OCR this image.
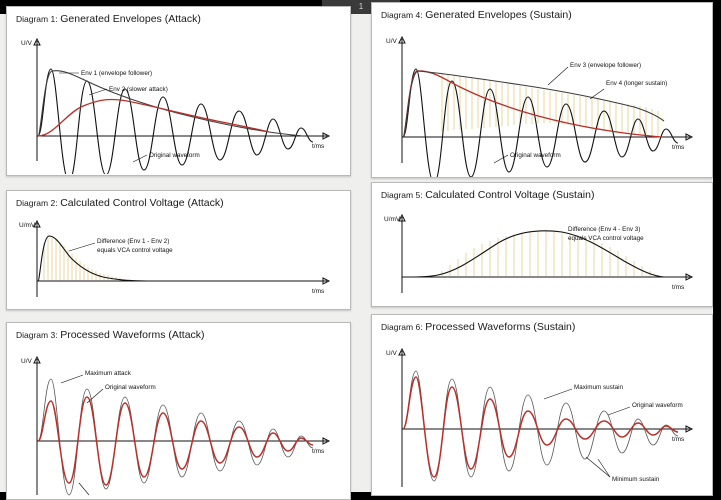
1
Diagram 1: Generated Envelopes (Attack)
U/V
t/ms
Env 1 (envelope follower)
Env 2 (slower attack)
Original waveform
Diagram 4: Generated Envelopes (Sustain)
U/V
t/ms
Env 3 (envelope follower)
Env 4 (longer sustain)
Original waveform
Diagram 2: Calculated Control Voltage (Attack)
U/mV
t/ms
Difference (Env 1 - Env 2)
equals VCA control voltage
Diagram 5: Calculated Control Voltage (Sustain)
U/mV
t/ms
Difference (Env 4 - Env 3)
equals VCA control voltage
Diagram 3: Processed Waveforms (Attack)
U/V
t/ms
Maximum attack
Original waveform
Diagram 6: Processed Waveforms (Sustain)
U/V
t/ms
Maximum sustain
Original waveform
Minimum sustain
